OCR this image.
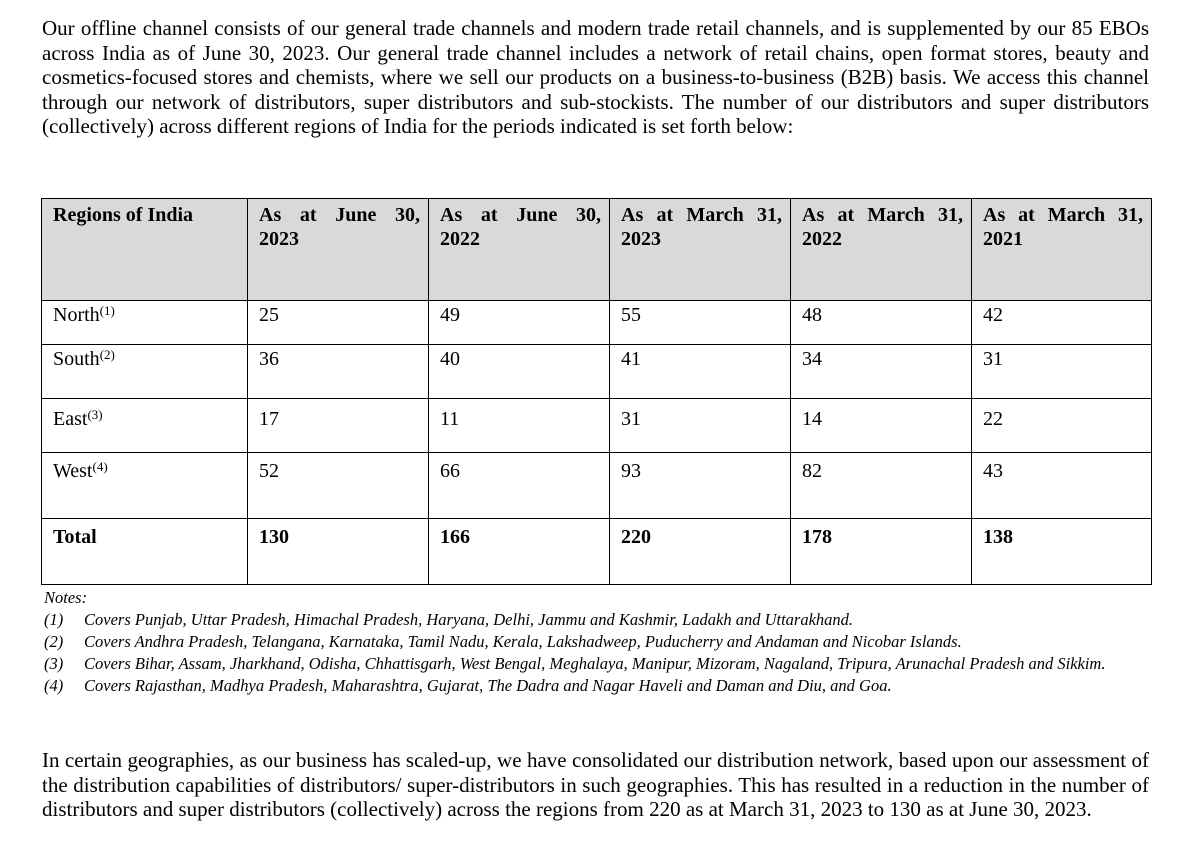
Our offline channel consists of our general trade channels and modern trade retail channels, and is supplemented by our 85 EBOs across India as of June 30, 2023. Our general trade channel includes a network of retail chains, open format stores, beauty and cosmetics-focused stores and chemists, where we sell our products on a business-to-business (B2B) basis. We access this channel through our network of distributors, super distributors and sub-stockists. The number of our distributors and super distributors (collectively) across different regions of India for the periods indicated is set forth below:

Regions of India	As at June 30, 2023	As at June 30, 2022	As at March 31, 2023	As at March 31, 2022	As at March 31, 2021
North$^{(1)}$	25	49	55	48	42
South$^{(2)}$	36	40	41	34	31
East$^{(3)}$	17	11	31	14	22
West$^{(4)}$	52	66	93	82	43
Total	130	166	220	178	138

Notes:

(1)	Covers Punjab, Uttar Pradesh, Himachal Pradesh, Haryana, Delhi, Jammu and Kashmir, Ladakh and Uttarakhand.
(2)	Covers Andhra Pradesh, Telangana, Karnataka, Tamil Nadu, Kerala, Lakshadweep, Puducherry and Andaman and Nicobar Islands.
(3)	Covers Bihar, Assam, Jharkhand, Odisha, Chhattisgarh, West Bengal, Meghalaya, Manipur, Mizoram, Nagaland, Tripura, Arunachal Pradesh and Sikkim.
(4)	Covers Rajasthan, Madhya Pradesh, Maharashtra, Gujarat, The Dadra and Nagar Haveli and Daman and Diu, and Goa.

In certain geographies, as our business has scaled-up, we have consolidated our distribution network, based upon our assessment of the distribution capabilities of distributors/ super-distributors in such geographies. This has resulted in a reduction in the number of distributors and super distributors (collectively) across the regions from 220 as at March 31, 2023 to 130 as at June 30, 2023.
